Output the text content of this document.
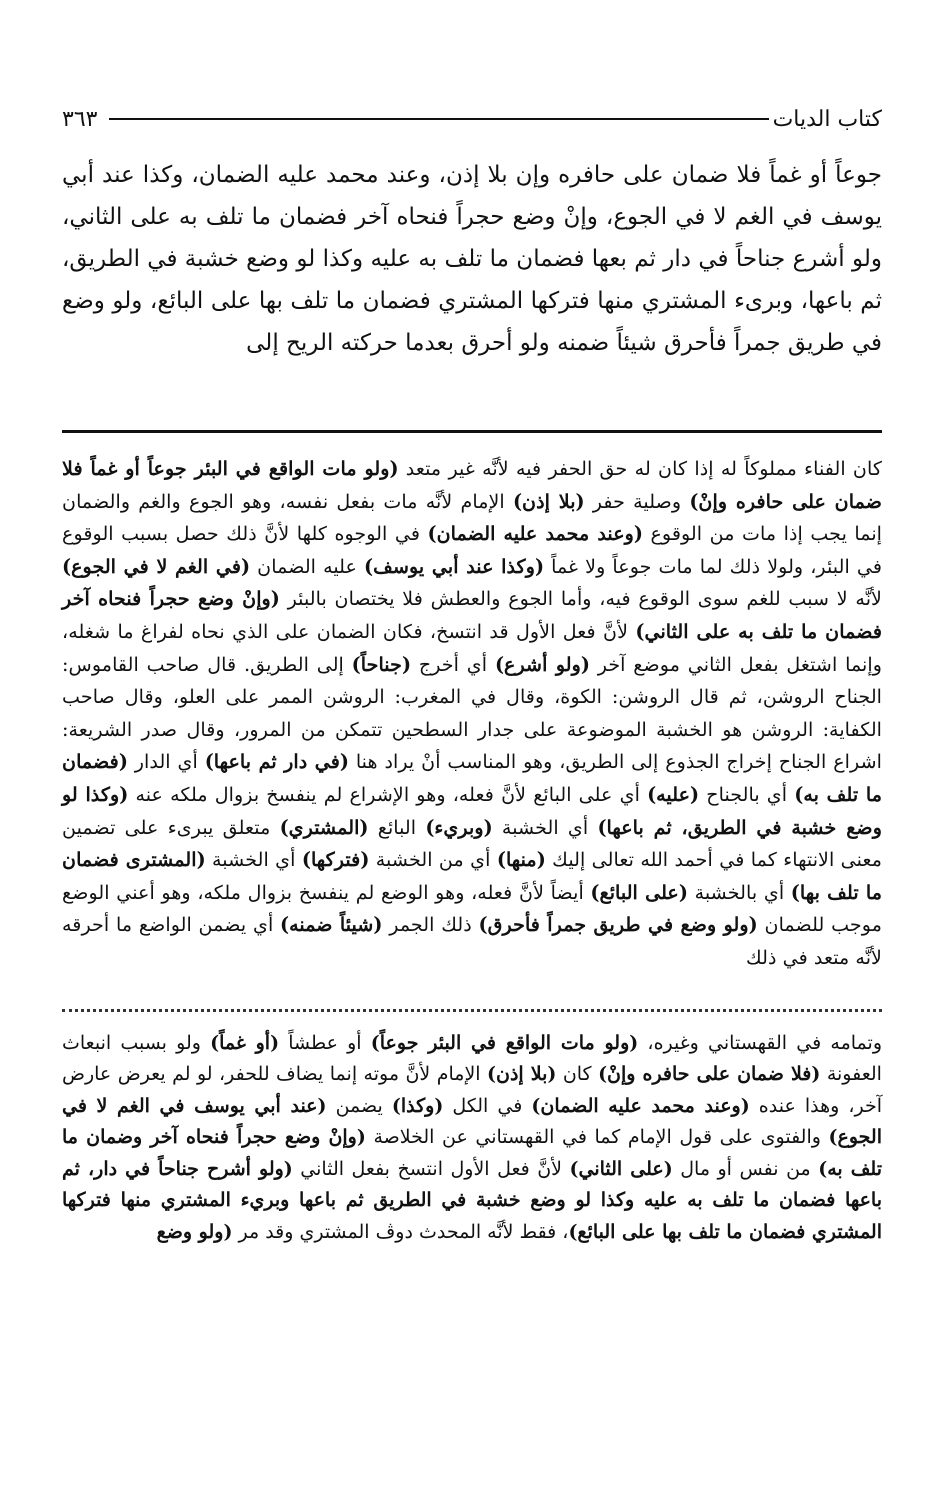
كتاب الديات
٣٦٣

جوعاً أو غماً فلا ضمان على حافره وإن بلا إذن، وعند محمد عليه الضمان، وكذا عند أبي يوسف في الغم لا في الجوع، وإنْ وضع حجراً فنحاه آخر فضمان ما تلف به على الثاني، ولو أشرع جناحاً في دار ثم بعها فضمان ما تلف به عليه وكذا لو وضع خشبة في الطريق، ثم باعها، وبرىء المشتري منها فتركها المشتري فضمان ما تلف بها على البائع، ولو وضع في طريق جمراً فأحرق شيئاً ضمنه ولو أحرق بعدما حركته الريح إلى

كان الفناء مملوكاً له إذا كان له حق الحفر فيه لأنَّه غير متعد (ولو مات الواقع في البئر جوعاً أو غماً فلا ضمان على حافره وإنْ) وصلية حفر (بلا إذن) الإمام لأنَّه مات بفعل نفسه، وهو الجوع والغم والضمان إنما يجب إذا مات من الوقوع (وعند محمد عليه الضمان) في الوجوه كلها لأنَّ ذلك حصل بسبب الوقوع في البئر، ولولا ذلك لما مات جوعاً ولا غماً (وكذا عند أبي يوسف) عليه الضمان (في الغم لا في الجوع) لأنَّه لا سبب للغم سوى الوقوع فيه، وأما الجوع والعطش فلا يختصان بالبئر (وإنْ وضع حجراً فنحاه آخر فضمان ما تلف به على الثاني) لأنَّ فعل الأول قد انتسخ، فكان الضمان على الذي نحاه لفراغ ما شغله، وإنما اشتغل بفعل الثاني موضع آخر (ولو أشرع) أي أخرج (جناحاً) إلى الطريق. قال صاحب القاموس: الجناح الروشن، ثم قال الروشن: الكوة، وقال في المغرب: الروشن الممر على العلو، وقال صاحب الكفاية: الروشن هو الخشبة الموضوعة على جدار السطحين تتمكن من المرور، وقال صدر الشريعة: اشراع الجناح إخراج الجذوع إلى الطريق، وهو المناسب أنْ يراد هنا (في دار ثم باعها) أي الدار (فضمان ما تلف به) أي بالجناح (عليه) أي على البائع لأنَّ فعله، وهو الإشراع لم ينفسخ بزوال ملكه عنه (وكذا لو وضع خشبة في الطريق، ثم باعها) أي الخشبة (وبريء) البائع (المشتري) متعلق يبرىء على تضمين معنى الانتهاء كما في أحمد الله تعالى إليك (منها) أي من الخشبة (فتركها) أي الخشبة (المشترى فضمان ما تلف بها) أي بالخشبة (على البائع) أيضاً لأنَّ فعله، وهو الوضع لم ينفسخ بزوال ملكه، وهو أعني الوضع موجب للضمان (ولو وضع في طريق جمراً فأحرق) ذلك الجمر (شيئاً ضمنه) أي يضمن الواضع ما أحرقه لأنَّه متعد في ذلك

وتمامه في القهستاني وغيره، (ولو مات الواقع في البئر جوعاً) أو عطشاً (أو غماً) ولو بسبب انبعاث العفونة (فلا ضمان على حافره وإنْ) كان (بلا إذن) الإمام لأنَّ موته إنما يضاف للحفر، لو لم يعرض عارض آخر، وهذا عنده (وعند محمد عليه الضمان) في الكل (وكذا) يضمن (عند أبي يوسف في الغم لا في الجوع) والفتوى على قول الإمام كما في القهستاني عن الخلاصة (وإنْ وضع حجراً فنحاه آخر وضمان ما تلف به) من نفس أو مال (على الثاني) لأنَّ فعل الأول انتسخ بفعل الثاني (ولو أشرح جناحاً في دار، ثم باعها فضمان ما تلف به عليه وكذا لو وضع خشبة في الطريق ثم باعها وبريء المشتري منها فتركها المشتري فضمان ما تلف بها على البائع)، فقط لأنَّه المحدث دوڤ المشتري وقد مر (ولو وضع
